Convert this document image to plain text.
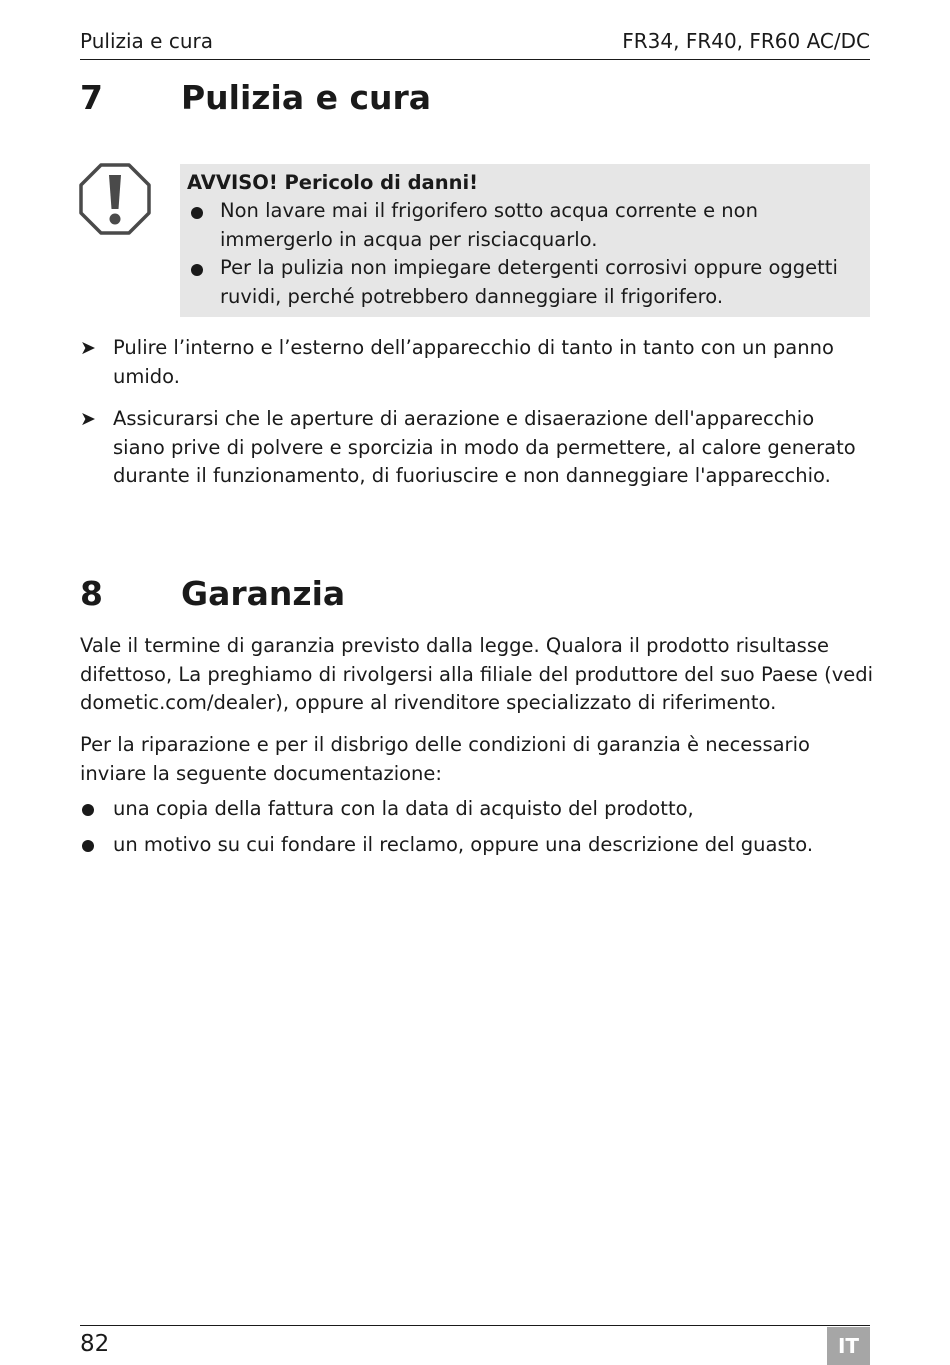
Pulizia e cura	FR34, FR40, FR60 AC/DC
7 Pulizia e cura
AVVISO! Pericolo di danni!
Non lavare mai il frigorifero sotto acqua corrente e non immergerlo in acqua per risciacquarlo.
Per la pulizia non impiegare detergenti corrosivi oppure oggetti ruvidi, perché potrebbero danneggiare il frigorifero.
➤ Pulire l’interno e l’esterno dell’apparecchio di tanto in tanto con un panno umido.
➤ Assicurarsi che le aperture di aerazione e disaerazione dell'apparecchio siano prive di polvere e sporcizia in modo da permettere, al calore generato durante il funzionamento, di fuoriuscire e non danneggiare l'apparecchio.
8 Garanzia
Vale il termine di garanzia previsto dalla legge. Qualora il prodotto risultasse difettoso, La preghiamo di rivolgersi alla filiale del produttore del suo Paese (vedi dometic.com/dealer), oppure al rivenditore specializzato di riferimento.
Per la riparazione e per il disbrigo delle condizioni di garanzia è necessario inviare la seguente documentazione:
una copia della fattura con la data di acquisto del prodotto,
un motivo su cui fondare il reclamo, oppure una descrizione del guasto.
82	IT
